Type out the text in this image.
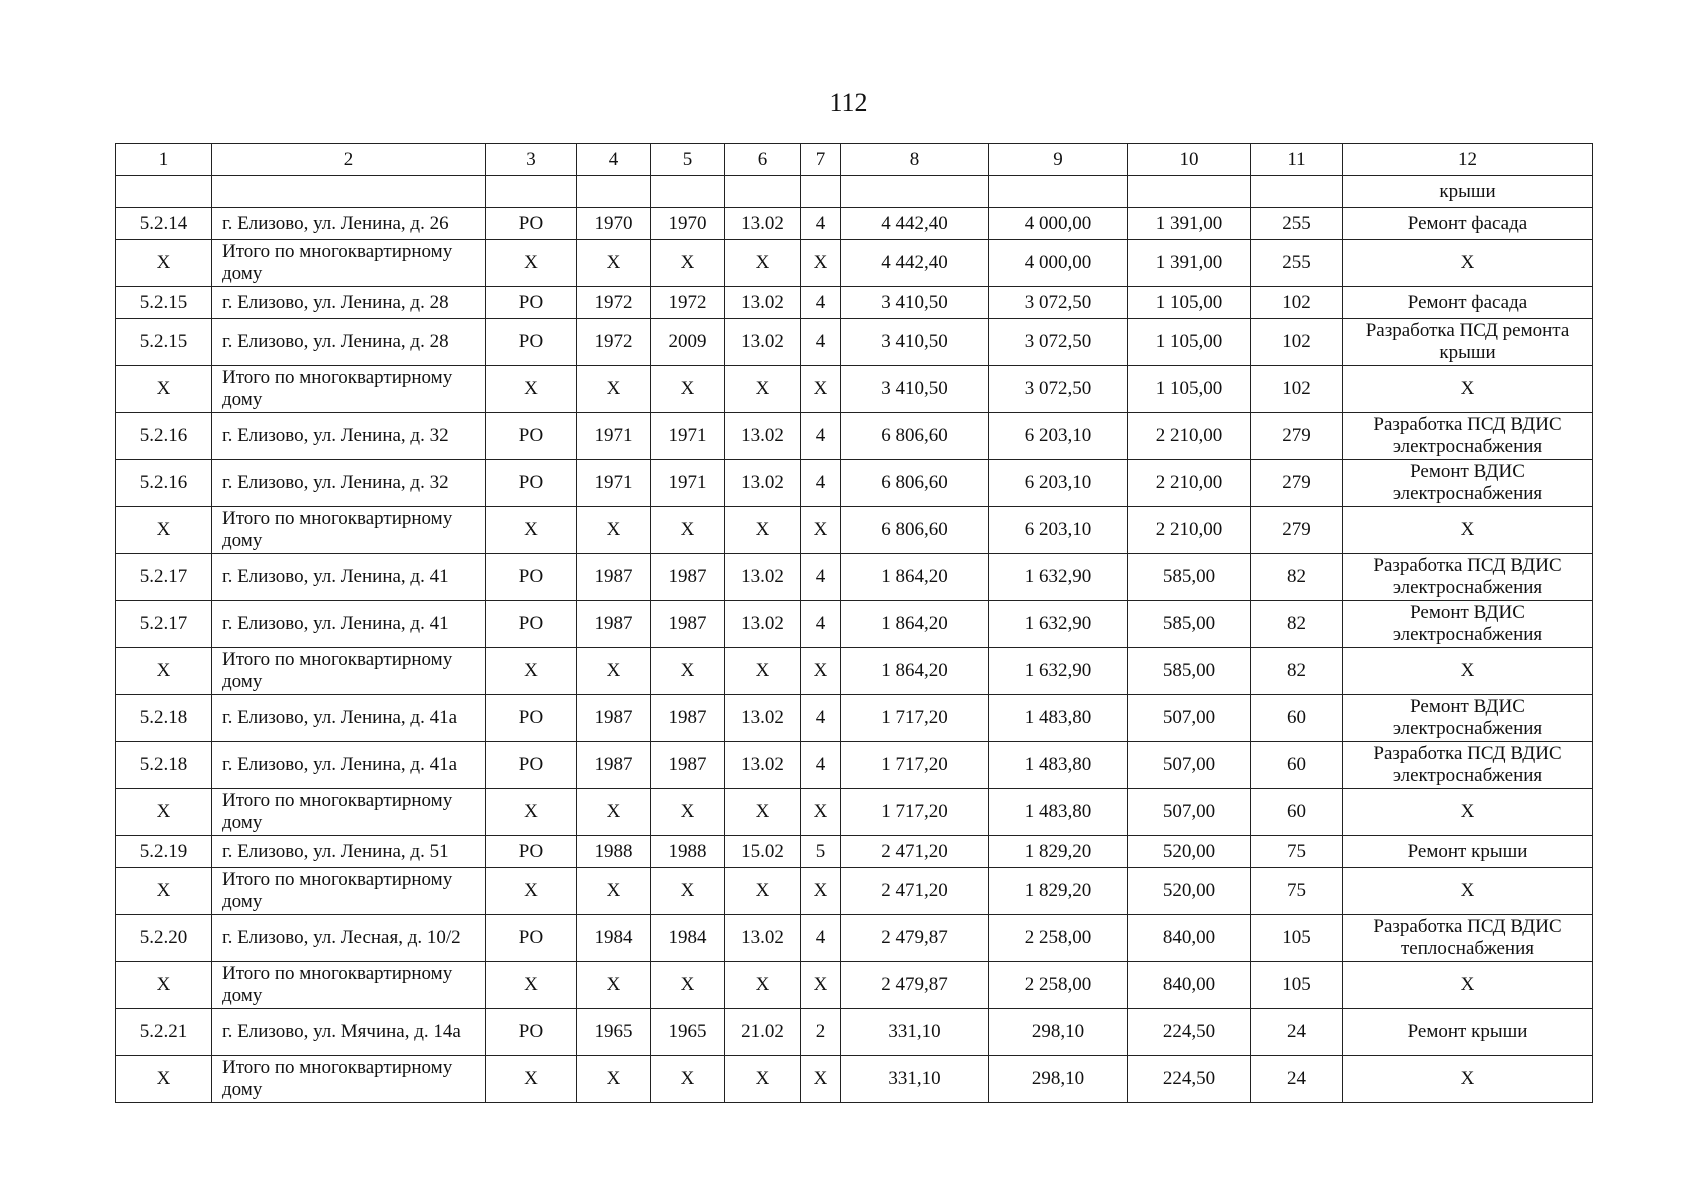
112
1	2	3	4	5	6	7	8	9	10	11	12
											крыши
5.2.14	г. Елизово, ул. Ленина, д. 26	РО	1970	1970	13.02	4	4 442,40	4 000,00	1 391,00	255	Ремонт фасада
X	Итого по многоквартирному дому	X	X	X	X	X	4 442,40	4 000,00	1 391,00	255	X
5.2.15	г. Елизово, ул. Ленина, д. 28	РО	1972	1972	13.02	4	3 410,50	3 072,50	1 105,00	102	Ремонт фасада
5.2.15	г. Елизово, ул. Ленина, д. 28	РО	1972	2009	13.02	4	3 410,50	3 072,50	1 105,00	102	Разработка ПСД ремонта крыши
X	Итого по многоквартирному дому	X	X	X	X	X	3 410,50	3 072,50	1 105,00	102	X
5.2.16	г. Елизово, ул. Ленина, д. 32	РО	1971	1971	13.02	4	6 806,60	6 203,10	2 210,00	279	Разработка ПСД ВДИС электроснабжения
5.2.16	г. Елизово, ул. Ленина, д. 32	РО	1971	1971	13.02	4	6 806,60	6 203,10	2 210,00	279	Ремонт ВДИС электроснабжения
X	Итого по многоквартирному дому	X	X	X	X	X	6 806,60	6 203,10	2 210,00	279	X
5.2.17	г. Елизово, ул. Ленина, д. 41	РО	1987	1987	13.02	4	1 864,20	1 632,90	585,00	82	Разработка ПСД ВДИС электроснабжения
5.2.17	г. Елизово, ул. Ленина, д. 41	РО	1987	1987	13.02	4	1 864,20	1 632,90	585,00	82	Ремонт ВДИС электроснабжения
X	Итого по многоквартирному дому	X	X	X	X	X	1 864,20	1 632,90	585,00	82	X
5.2.18	г. Елизово, ул. Ленина, д. 41а	РО	1987	1987	13.02	4	1 717,20	1 483,80	507,00	60	Ремонт ВДИС электроснабжения
5.2.18	г. Елизово, ул. Ленина, д. 41а	РО	1987	1987	13.02	4	1 717,20	1 483,80	507,00	60	Разработка ПСД ВДИС электроснабжения
X	Итого по многоквартирному дому	X	X	X	X	X	1 717,20	1 483,80	507,00	60	X
5.2.19	г. Елизово, ул. Ленина, д. 51	РО	1988	1988	15.02	5	2 471,20	1 829,20	520,00	75	Ремонт крыши
X	Итого по многоквартирному дому	X	X	X	X	X	2 471,20	1 829,20	520,00	75	X
5.2.20	г. Елизово, ул. Лесная, д. 10/2	РО	1984	1984	13.02	4	2 479,87	2 258,00	840,00	105	Разработка ПСД ВДИС теплоснабжения
X	Итого по многоквартирному дому	X	X	X	X	X	2 479,87	2 258,00	840,00	105	X
5.2.21	г. Елизово, ул. Мячина, д. 14а	РО	1965	1965	21.02	2	331,10	298,10	224,50	24	Ремонт крыши
X	Итого по многоквартирному дому	X	X	X	X	X	331,10	298,10	224,50	24	X
